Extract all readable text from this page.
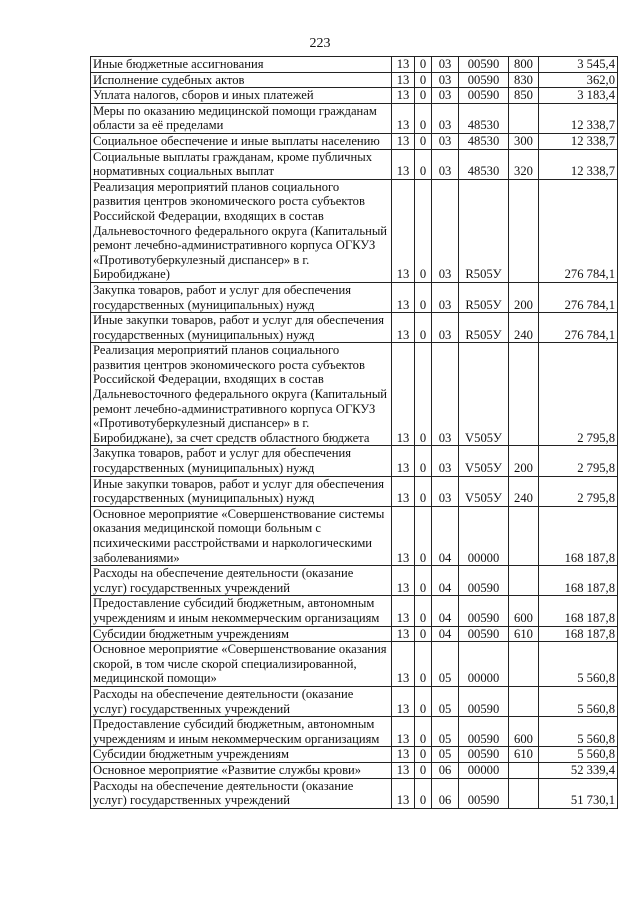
223
Иные бюджетные ассигнования	13	0	03	00590	800	3 545,4
Исполнение судебных актов	13	0	03	00590	830	362,0
Уплата налогов, сборов и иных платежей	13	0	03	00590	850	3 183,4
Меры по оказанию медицинской помощи гражданам области за её пределами	13	0	03	48530		12 338,7
Социальное обеспечение и иные выплаты населению	13	0	03	48530	300	12 338,7
Социальные выплаты гражданам, кроме публичных нормативных социальных выплат	13	0	03	48530	320	12 338,7
Реализация мероприятий планов социального развития центров экономического роста субъектов Российской Федерации, входящих в состав Дальневосточного федерального округа (Капитальный ремонт лечебно-административного корпуса ОГКУЗ «Противотуберкулезный диспансер» в г. Биробиджане)	13	0	03	R505У		276 784,1
Закупка товаров, работ и услуг для обеспечения государственных (муниципальных) нужд	13	0	03	R505У	200	276 784,1
Иные закупки товаров, работ и услуг для обеспечения государственных (муниципальных) нужд	13	0	03	R505У	240	276 784,1
Реализация мероприятий планов социального развития центров экономического роста субъектов Российской Федерации, входящих в состав Дальневосточного федерального округа (Капитальный ремонт лечебно-административного корпуса ОГКУЗ «Противотуберкулезный диспансер» в г. Биробиджане), за счет средств областного бюджета	13	0	03	V505У		2 795,8
Закупка товаров, работ и услуг для обеспечения государственных (муниципальных) нужд	13	0	03	V505У	200	2 795,8
Иные закупки товаров, работ и услуг для обеспечения государственных (муниципальных) нужд	13	0	03	V505У	240	2 795,8
Основное мероприятие «Совершенствование системы оказания медицинской помощи больным с психическими расстройствами и наркологическими заболеваниями»	13	0	04	00000		168 187,8
Расходы на обеспечение деятельности (оказание услуг) государственных учреждений	13	0	04	00590		168 187,8
Предоставление субсидий бюджетным, автономным учреждениям и иным некоммерческим организациям	13	0	04	00590	600	168 187,8
Субсидии бюджетным учреждениям	13	0	04	00590	610	168 187,8
Основное мероприятие «Совершенствование оказания скорой, в том числе скорой специализированной, медицинской помощи»	13	0	05	00000		5 560,8
Расходы на обеспечение деятельности (оказание услуг) государственных учреждений	13	0	05	00590		5 560,8
Предоставление субсидий бюджетным, автономным учреждениям и иным некоммерческим организациям	13	0	05	00590	600	5 560,8
Субсидии бюджетным учреждениям	13	0	05	00590	610	5 560,8
Основное мероприятие «Развитие службы крови»	13	0	06	00000		52 339,4
Расходы на обеспечение деятельности (оказание услуг) государственных учреждений	13	0	06	00590		51 730,1
